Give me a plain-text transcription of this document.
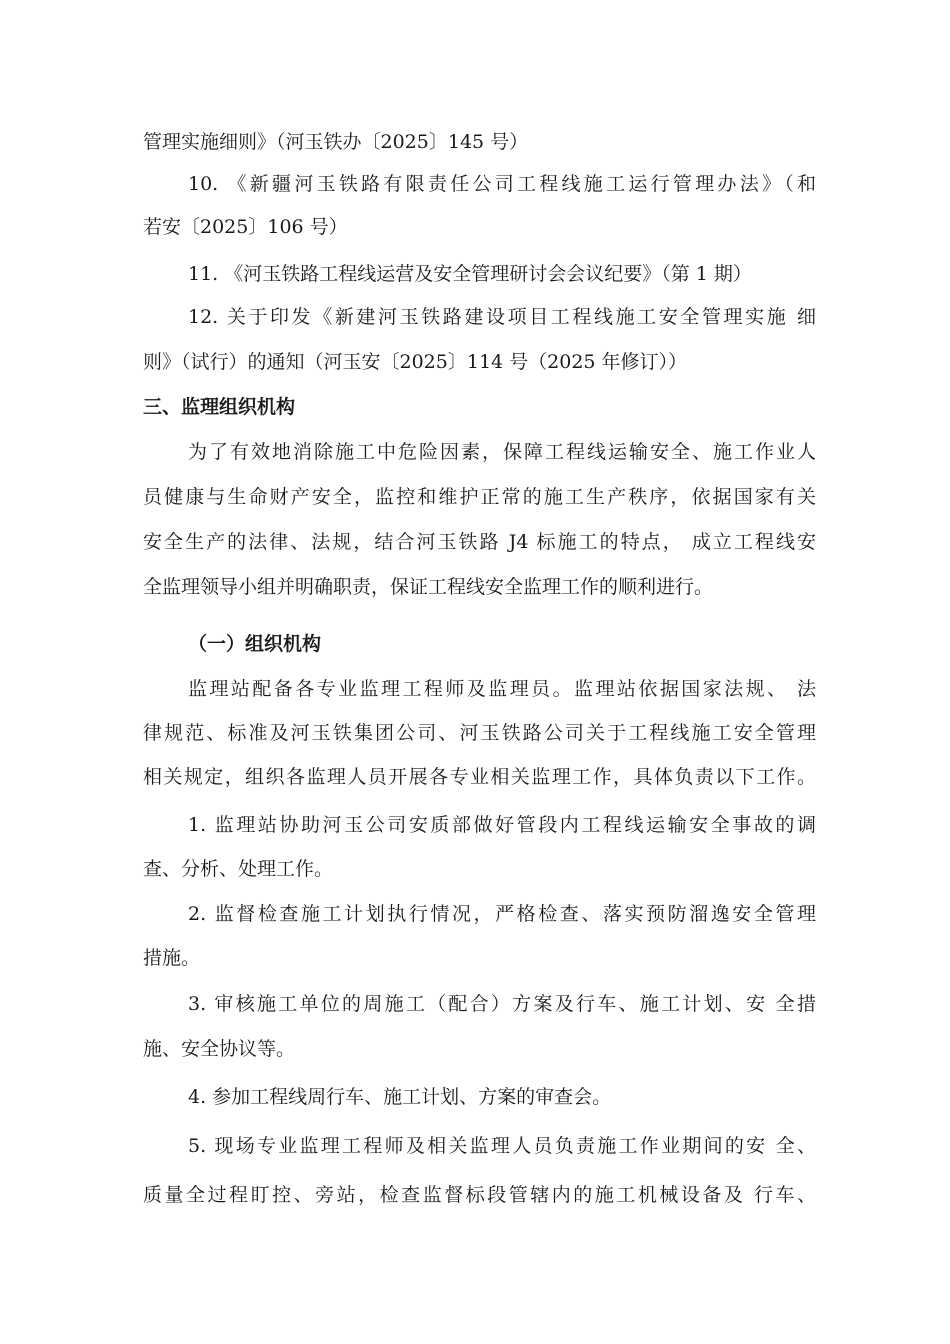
管理实施细则》（河玉铁办〔2025〕145 号）
10. 《新疆河玉铁路有限责任公司工程线施工运行管理办法》（和
若安〔2025〕106 号）
11. 《河玉铁路工程线运营及安全管理研讨会会议纪要》（第 1 期）
12. 关于印发《新建河玉铁路建设项目工程线施工安全管理实施 细
则》（试行）的通知（河玉安〔2025〕114 号（2025 年修订））
三、监理组织机构
为了有效地消除施工中危险因素，保障工程线运输安全、施工作业人
员健康与生命财产安全，监控和维护正常的施工生产秩序，依据国家有关
安全生产的法律、法规，结合河玉铁路 J4 标施工的特点， 成立工程线安
全监理领导小组并明确职责，保证工程线安全监理工作的顺利进行。
（一）组织机构
监理站配备各专业监理工程师及监理员。监理站依据国家法规、 法
律规范、标准及河玉铁集团公司、河玉铁路公司关于工程线施工安全管理
相关规定，组织各监理人员开展各专业相关监理工作，具体负责以下工作。
1. 监理站协助河玉公司安质部做好管段内工程线运输安全事故的调
查、分析、处理工作。
2. 监督检查施工计划执行情况，严格检查、落实预防溜逸安全管理
措施。
3. 审核施工单位的周施工（配合）方案及行车、施工计划、安 全措
施、安全协议等。
4. 参加工程线周行车、施工计划、方案的审查会。
5. 现场专业监理工程师及相关监理人员负责施工作业期间的安 全、
质量全过程盯控、旁站，检查监督标段管辖内的施工机械设备及 行车、
